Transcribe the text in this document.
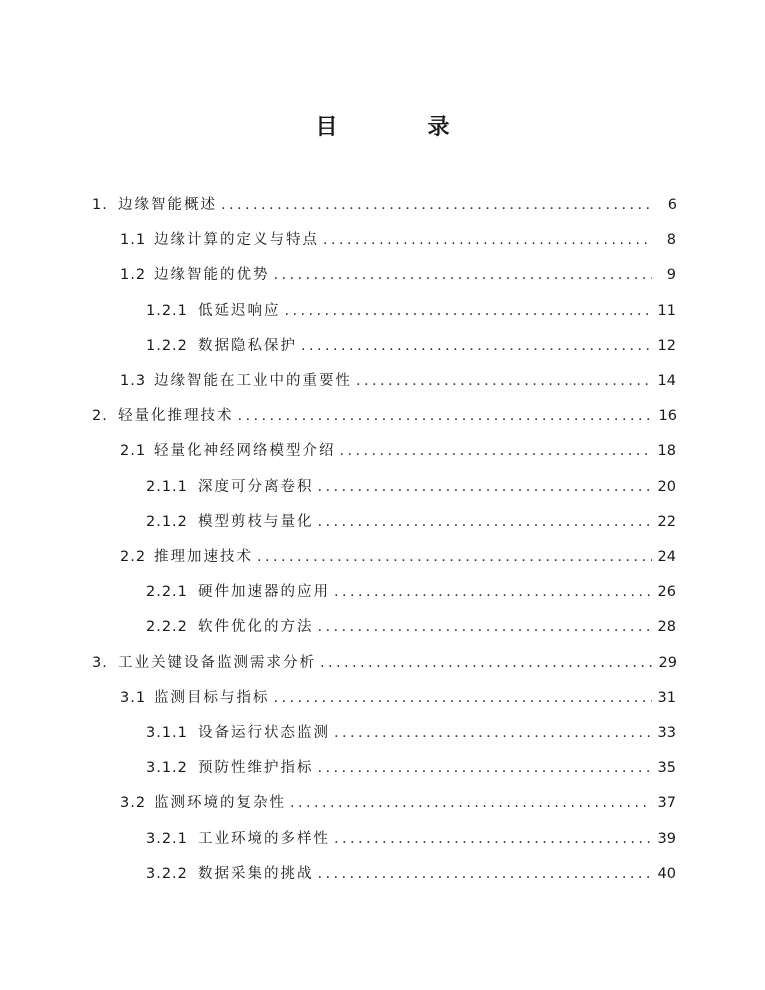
目　录
1. 边缘智能概述 .....	6
1.1 边缘计算的定义与特点 .....	8
1.2 边缘智能的优势 .....	9
1.2.1 低延迟响应 .....	11
1.2.2 数据隐私保护 .....	12
1.3 边缘智能在工业中的重要性 .....	14
2. 轻量化推理技术 .....	16
2.1 轻量化神经网络模型介绍 .....	18
2.1.1 深度可分离卷积 .....	20
2.1.2 模型剪枝与量化 .....	22
2.2 推理加速技术 .....	24
2.2.1 硬件加速器的应用 .....	26
2.2.2 软件优化的方法 .....	28
3. 工业关键设备监测需求分析 .....	29
3.1 监测目标与指标 .....	31
3.1.1 设备运行状态监测 .....	33
3.1.2 预防性维护指标 .....	35
3.2 监测环境的复杂性 .....	37
3.2.1 工业环境的多样性 .....	39
3.2.2 数据采集的挑战 .....	40
